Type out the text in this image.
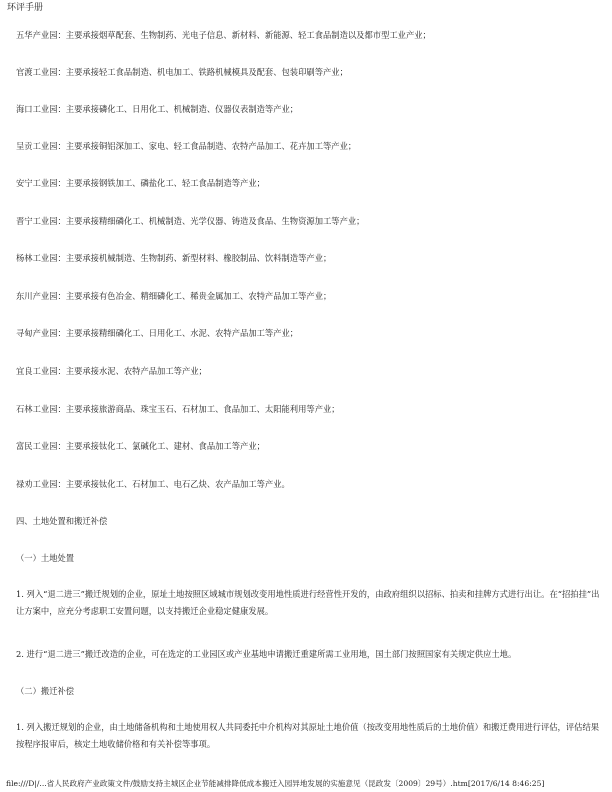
环评手册
五华产业园：主要承接烟草配套、生物制药、光电子信息、新材料、新能源、轻工食品制造以及都市型工业产业；
官渡工业园：主要承接轻工食品制造、机电加工、铁路机械模具及配套、包装印刷等产业；
海口工业园：主要承接磷化工、日用化工、机械制造、仪器仪表制造等产业；
呈贡工业园：主要承接铜铝深加工、家电、轻工食品制造、农特产品加工、花卉加工等产业；
安宁工业园：主要承接钢铁加工、磷盐化工、轻工食品制造等产业；
晋宁工业园：主要承接精细磷化工、机械制造、光学仪器、铸造及食品、生物资源加工等产业；
杨林工业园：主要承接机械制造、生物制药、新型材料、橡胶制品、饮料制造等产业；
东川产业园：主要承接有色冶金、精细磷化工、稀贵金属加工、农特产品加工等产业；
寻甸产业园：主要承接精细磷化工、日用化工、水泥、农特产品加工等产业；
宜良工业园：主要承接水泥、农特产品加工等产业；
石林工业园：主要承接旅游商品、珠宝玉石、石材加工、食品加工、太阳能利用等产业；
富民工业园：主要承接钛化工、氯碱化工、建材、食品加工等产业；
禄劝工业园：主要承接钛化工、石材加工、电石乙炔、农产品加工等产业。
四、土地处置和搬迁补偿
（一）土地处置
1. 列入“退二进三”搬迁规划的企业，原址土地按照区域城市规划改变用地性质进行经营性开发的，由政府组织以招标、拍卖和挂牌方式进行出让。在“招拍挂”出让方案中，应充分考虑职工安置问题，以支持搬迁企业稳定健康发展。
2. 进行“退二进三”搬迁改造的企业，可在选定的工业园区或产业基地申请搬迁重建所需工业用地，国土部门按照国家有关规定供应土地。
（二）搬迁补偿
1. 列入搬迁规划的企业，由土地储备机构和土地使用权人共同委托中介机构对其原址土地价值（按改变用地性质后的土地价值）和搬迁费用进行评估，评估结果按程序报审后，核定土地收储价格和有关补偿等事项。
file:///D|/...省人民政府产业政策文件/鼓励支持主城区企业节能减排降低成本搬迁入园异地发展的实施意见（昆政发〔2009〕29号）.htm[2017/6/14 8:46:25]
